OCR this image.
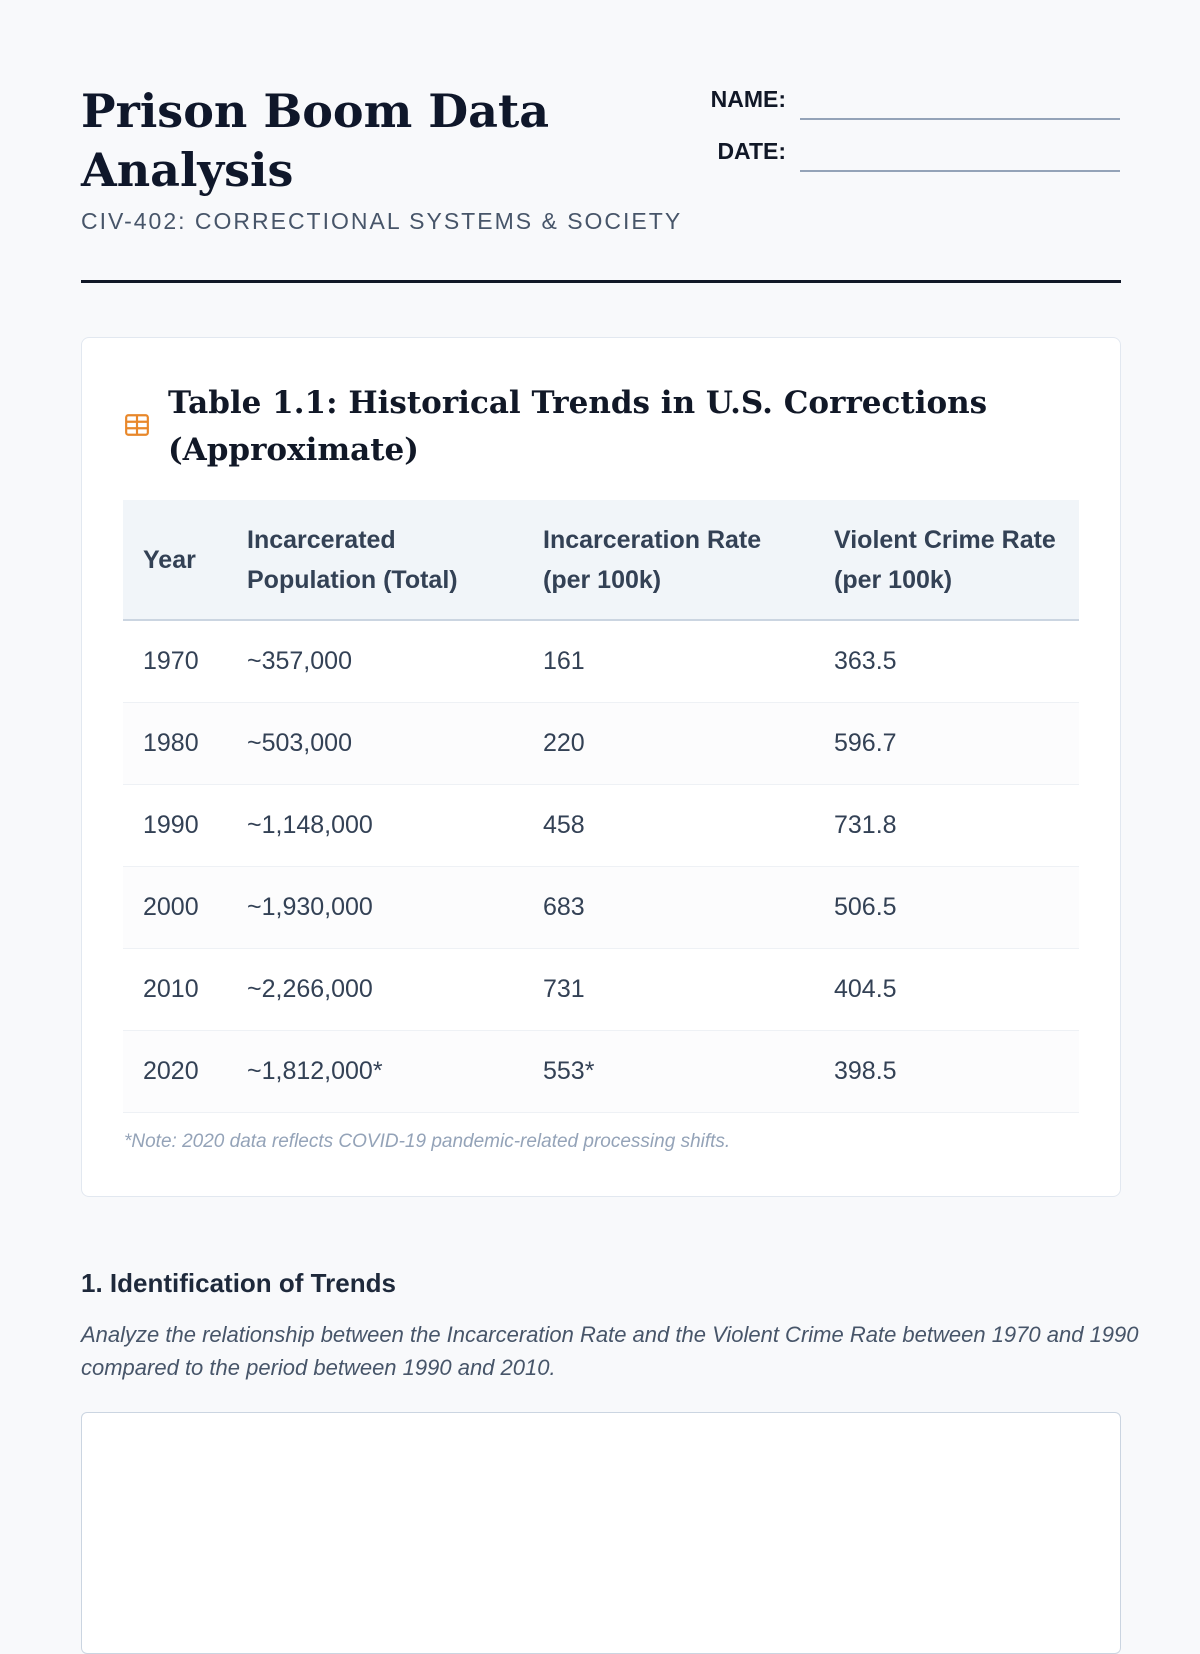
Prison Boom Data Analysis
CIV-402: CORRECTIONAL SYSTEMS & SOCIETY
NAME:
DATE:
Table 1.1: Historical Trends in U.S. Corrections (Approximate)
Year	Incarcerated Population (Total)	Incarceration Rate (per 100k)	Violent Crime Rate (per 100k)
1970	~357,000	161	363.5
1980	~503,000	220	596.7
1990	~1,148,000	458	731.8
2000	~1,930,000	683	506.5
2010	~2,266,000	731	404.5
2020	~1,812,000*	553*	398.5
*Note: 2020 data reflects COVID-19 pandemic-related processing shifts.
1. Identification of Trends

Analyze the relationship between the Incarceration Rate and the Violent Crime Rate between 1970 and 1990 compared to the period between 1990 and 2010.
